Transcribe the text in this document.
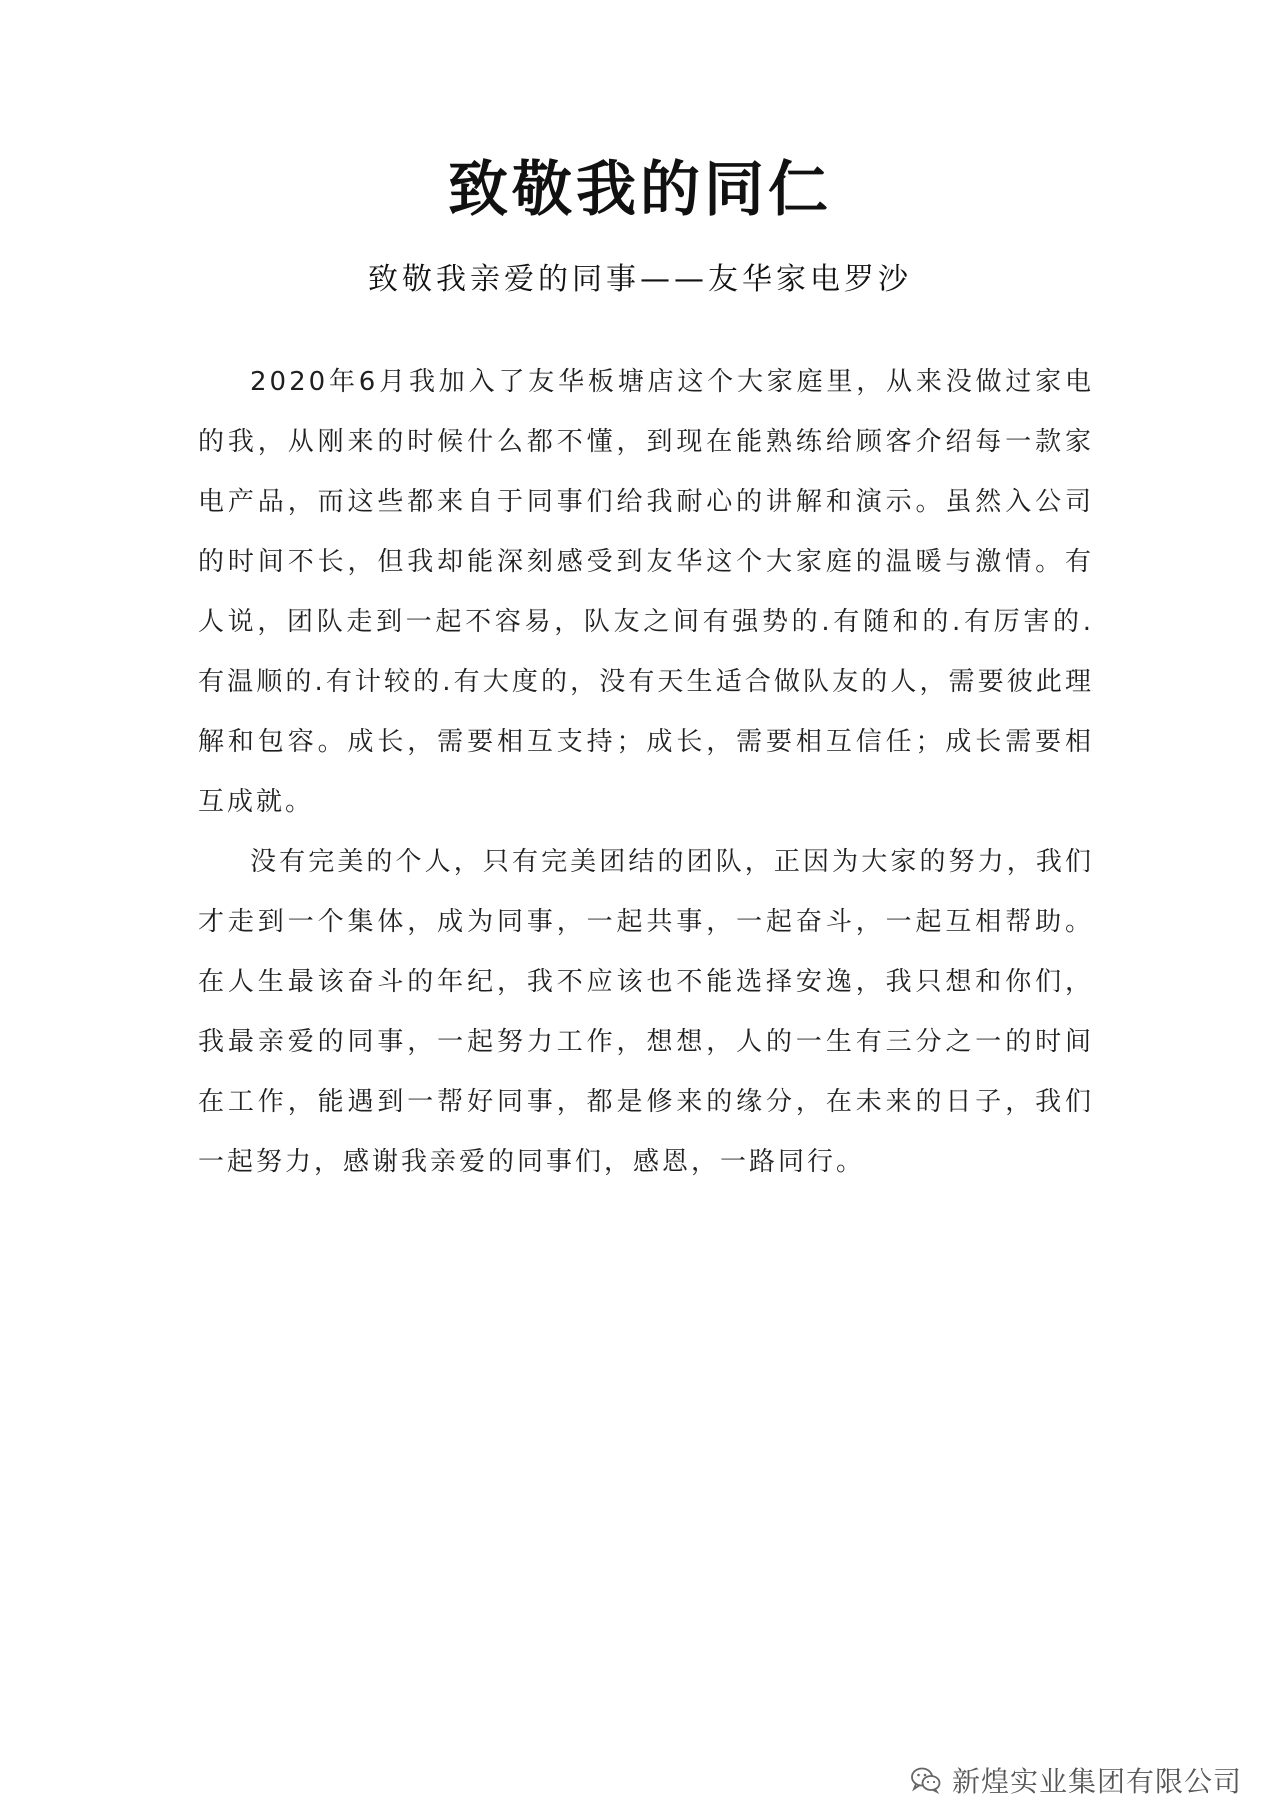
致敬我的同仁
致敬我亲爱的同事——友华家电罗沙

2020年6月我加入了友华板塘店这个大家庭里，从来没做过家电的我，从刚来的时候什么都不懂，到现在能熟练给顾客介绍每一款家电产品，而这些都来自于同事们给我耐心的讲解和演示。虽然入公司的时间不长，但我却能深刻感受到友华这个大家庭的温暖与激情。有人说，团队走到一起不容易，队友之间有强势的.有随和的.有厉害的.有温顺的.有计较的.有大度的，没有天生适合做队友的人，需要彼此理解和包容。成长，需要相互支持；成长，需要相互信任；成长需要相互成就。

没有完美的个人，只有完美团结的团队，正因为大家的努力，我们才走到一个集体，成为同事，一起共事，一起奋斗，一起互相帮助。在人生最该奋斗的年纪，我不应该也不能选择安逸，我只想和你们，我最亲爱的同事，一起努力工作，想想，人的一生有三分之一的时间在工作，能遇到一帮好同事，都是修来的缘分，在未来的日子，我们一起努力，感谢我亲爱的同事们，感恩，一路同行。

新煌实业集团有限公司
